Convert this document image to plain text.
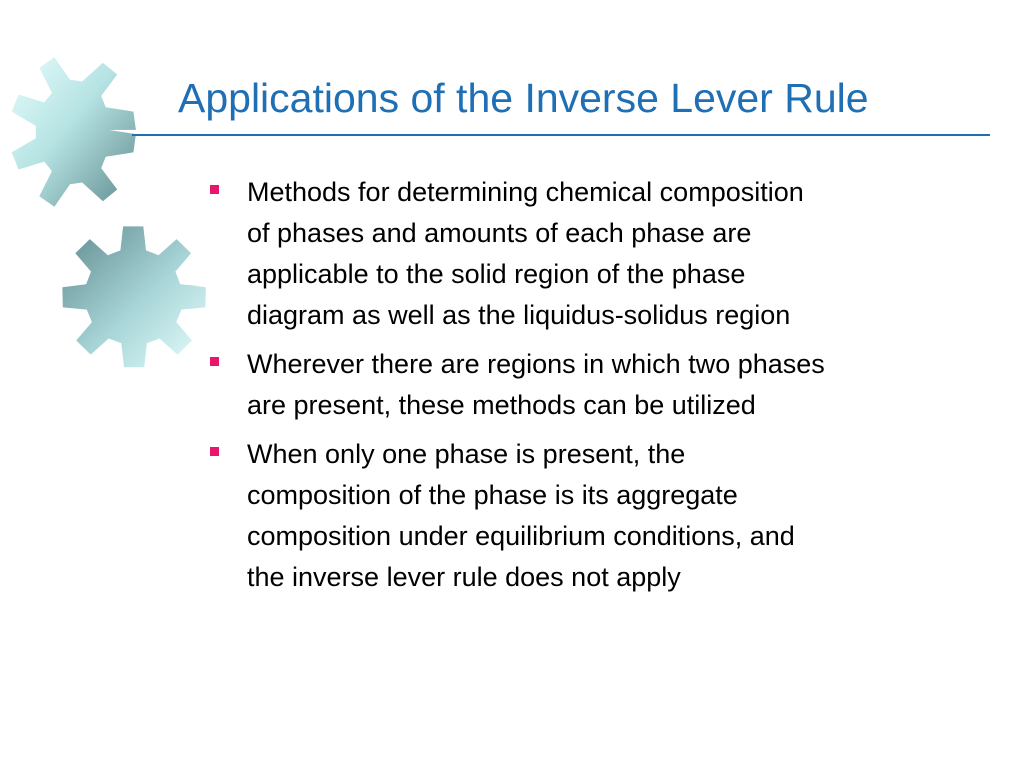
Applications of the Inverse Lever Rule
Methods for determining chemical composition
of phases and amounts of each phase are
applicable to the solid region of the phase
diagram as well as the liquidus-solidus region
Wherever there are regions in which two phases
are present, these methods can be utilized
When only one phase is present, the
composition of the phase is its aggregate
composition under equilibrium conditions, and
the inverse lever rule does not apply
